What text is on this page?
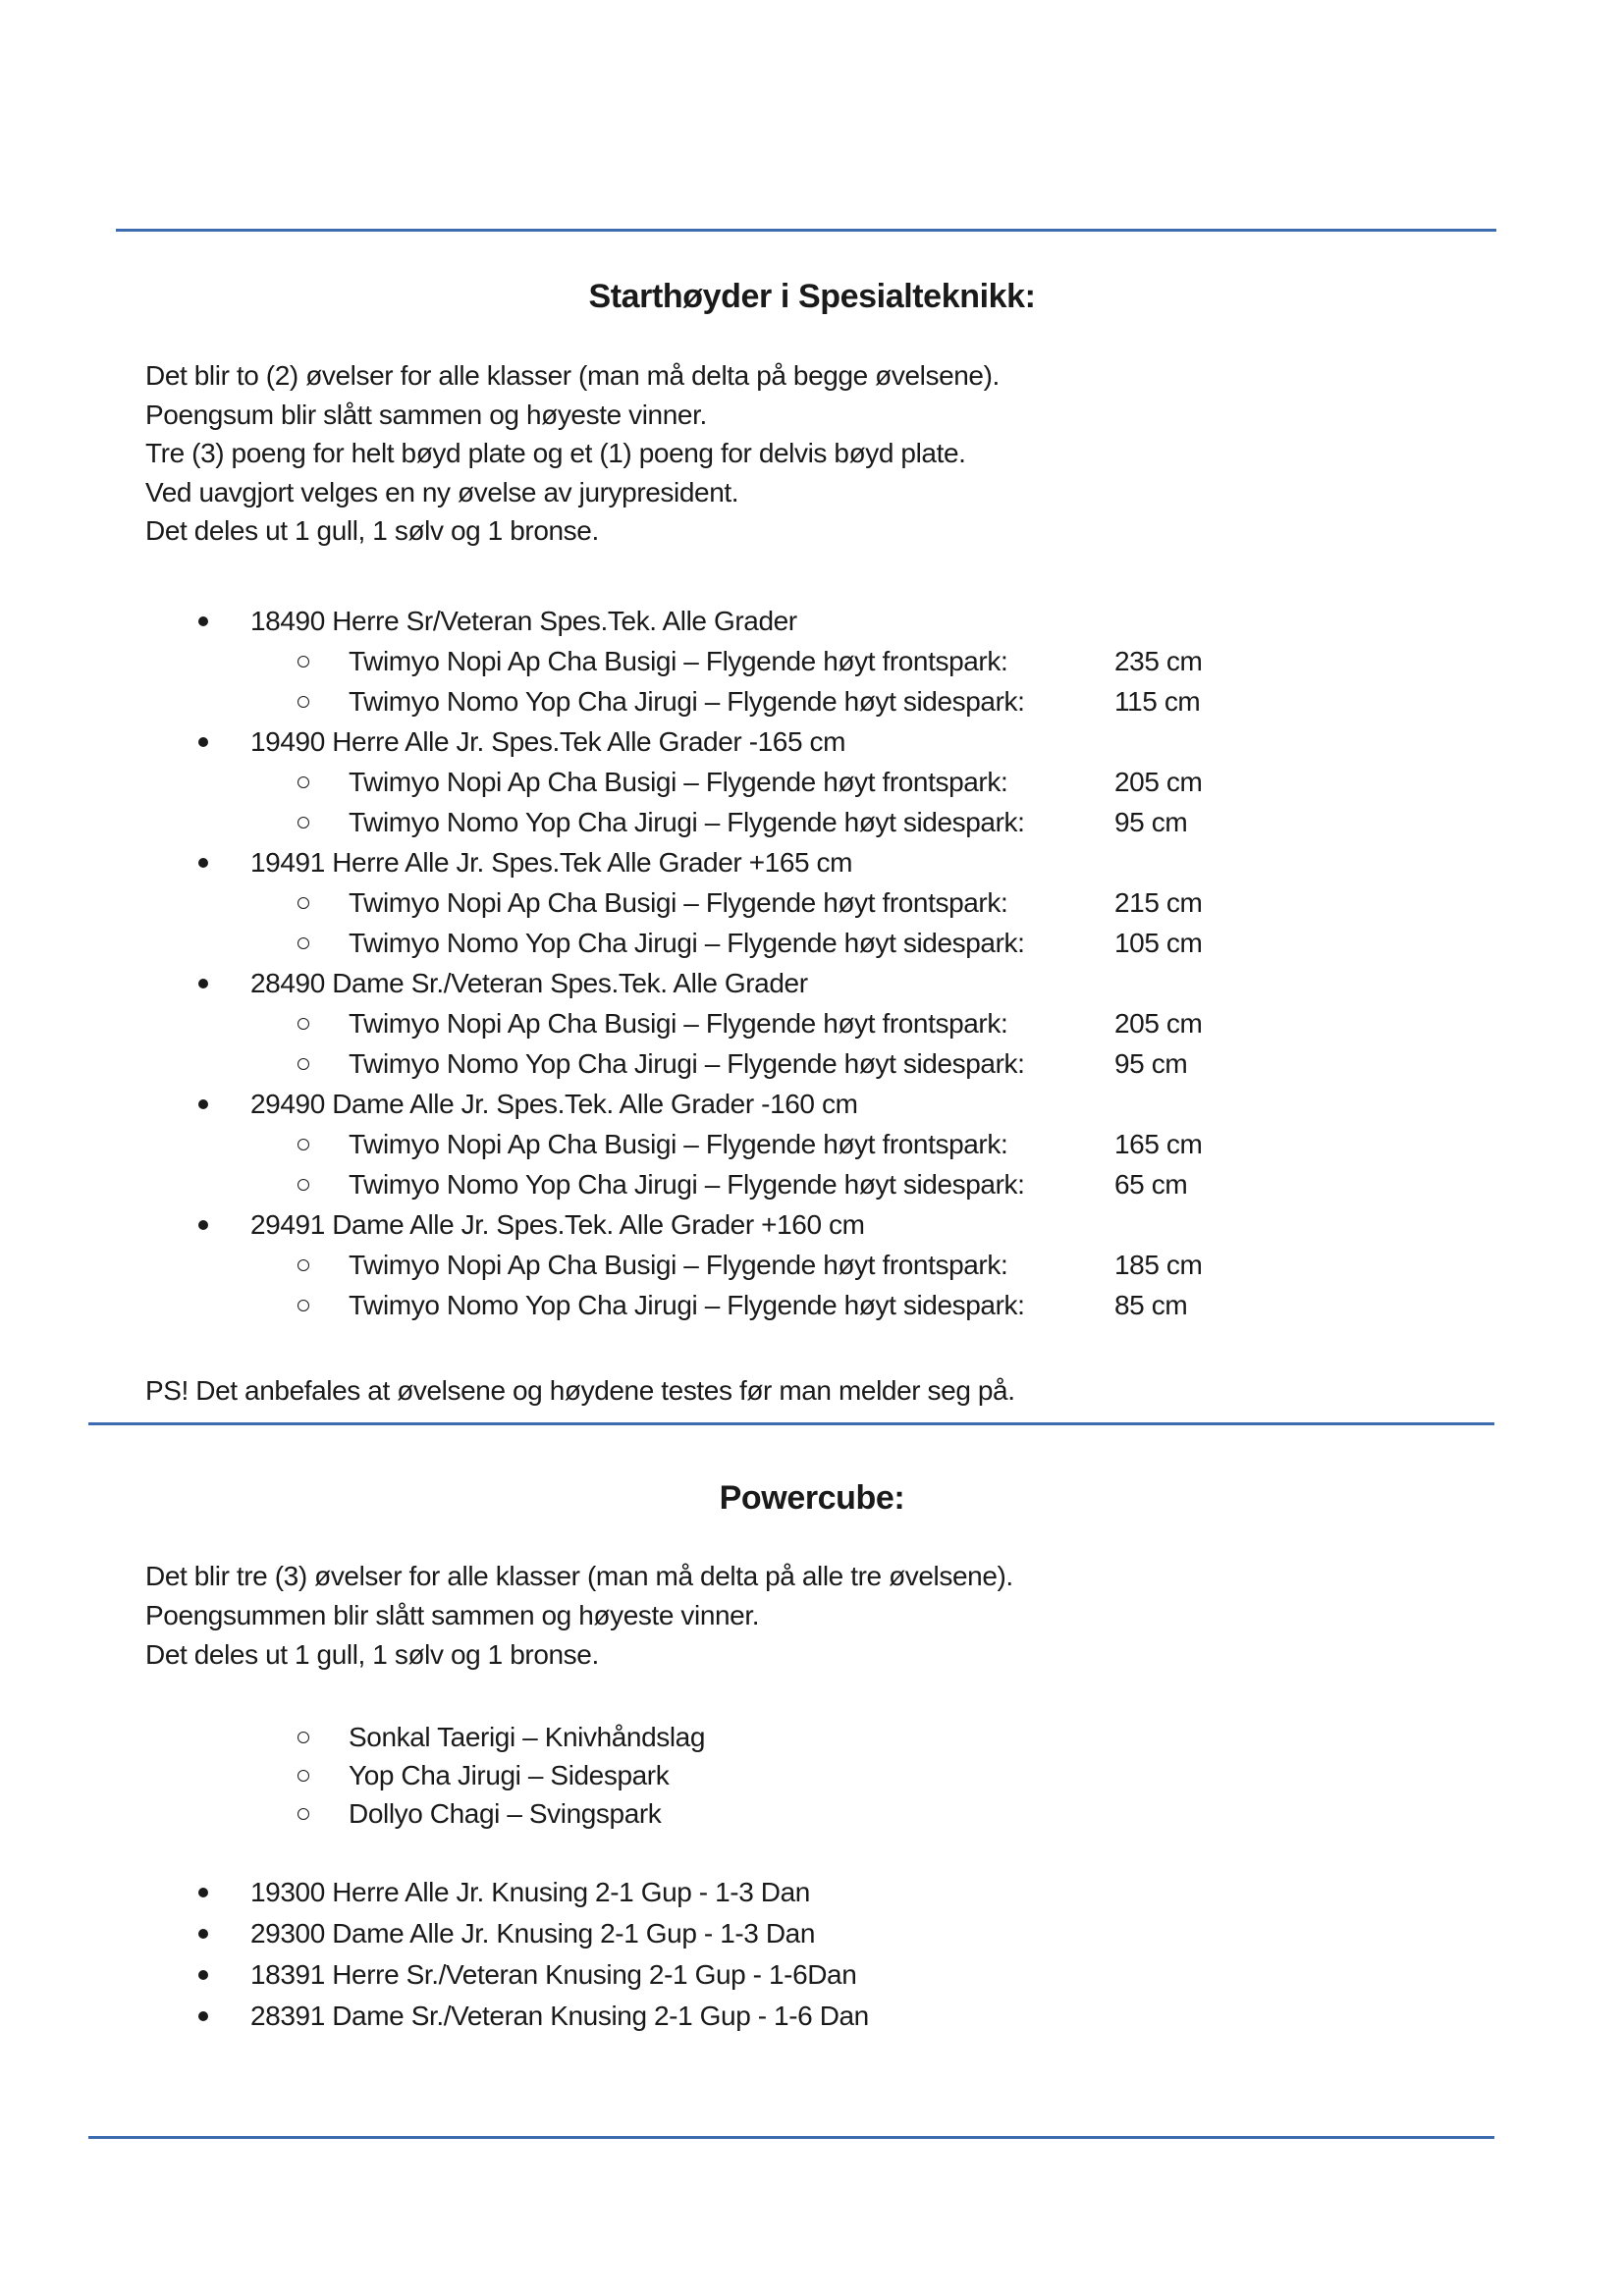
Starthøyder i Spesialteknikk:
Det blir to (2) øvelser for alle klasser (man må delta på begge øvelsene).
Poengsum blir slått sammen og høyeste vinner.
Tre (3) poeng for helt bøyd plate og et (1) poeng for delvis bøyd plate.
Ved uavgjort velges en ny øvelse av jurypresident.
Det deles ut 1 gull, 1 sølv og 1 bronse.
18490 Herre Sr/Veteran Spes.Tek. Alle Grader
Twimyo Nopi Ap Cha Busigi – Flygende høyt frontspark:	235 cm
Twimyo Nomo Yop Cha Jirugi – Flygende høyt sidespark:	115 cm
19490 Herre Alle Jr. Spes.Tek Alle Grader -165 cm
Twimyo Nopi Ap Cha Busigi – Flygende høyt frontspark:	205 cm
Twimyo Nomo Yop Cha Jirugi – Flygende høyt sidespark:	95 cm
19491 Herre Alle Jr. Spes.Tek Alle Grader +165 cm
Twimyo Nopi Ap Cha Busigi – Flygende høyt frontspark:	215 cm
Twimyo Nomo Yop Cha Jirugi – Flygende høyt sidespark:	105 cm
28490 Dame Sr./Veteran Spes.Tek. Alle Grader
Twimyo Nopi Ap Cha Busigi – Flygende høyt frontspark:	205 cm
Twimyo Nomo Yop Cha Jirugi – Flygende høyt sidespark:	95 cm
29490 Dame Alle Jr. Spes.Tek. Alle Grader -160 cm
Twimyo Nopi Ap Cha Busigi – Flygende høyt frontspark:	165 cm
Twimyo Nomo Yop Cha Jirugi – Flygende høyt sidespark:	65 cm
29491 Dame Alle Jr. Spes.Tek. Alle Grader +160 cm
Twimyo Nopi Ap Cha Busigi – Flygende høyt frontspark:	185 cm
Twimyo Nomo Yop Cha Jirugi – Flygende høyt sidespark:	85 cm
PS! Det anbefales at øvelsene og høydene testes før man melder seg på.
Powercube:
Det blir tre (3) øvelser for alle klasser (man må delta på alle tre øvelsene).
Poengsummen blir slått sammen og høyeste vinner.
Det deles ut 1 gull, 1 sølv og 1 bronse.
Sonkal Taerigi – Knivhåndslag
Yop Cha Jirugi – Sidespark
Dollyo Chagi – Svingspark
19300 Herre Alle Jr. Knusing 2-1 Gup - 1-3 Dan
29300 Dame Alle Jr. Knusing 2-1 Gup - 1-3 Dan
18391 Herre Sr./Veteran Knusing 2-1 Gup - 1-6Dan
28391 Dame Sr./Veteran Knusing 2-1 Gup - 1-6 Dan
